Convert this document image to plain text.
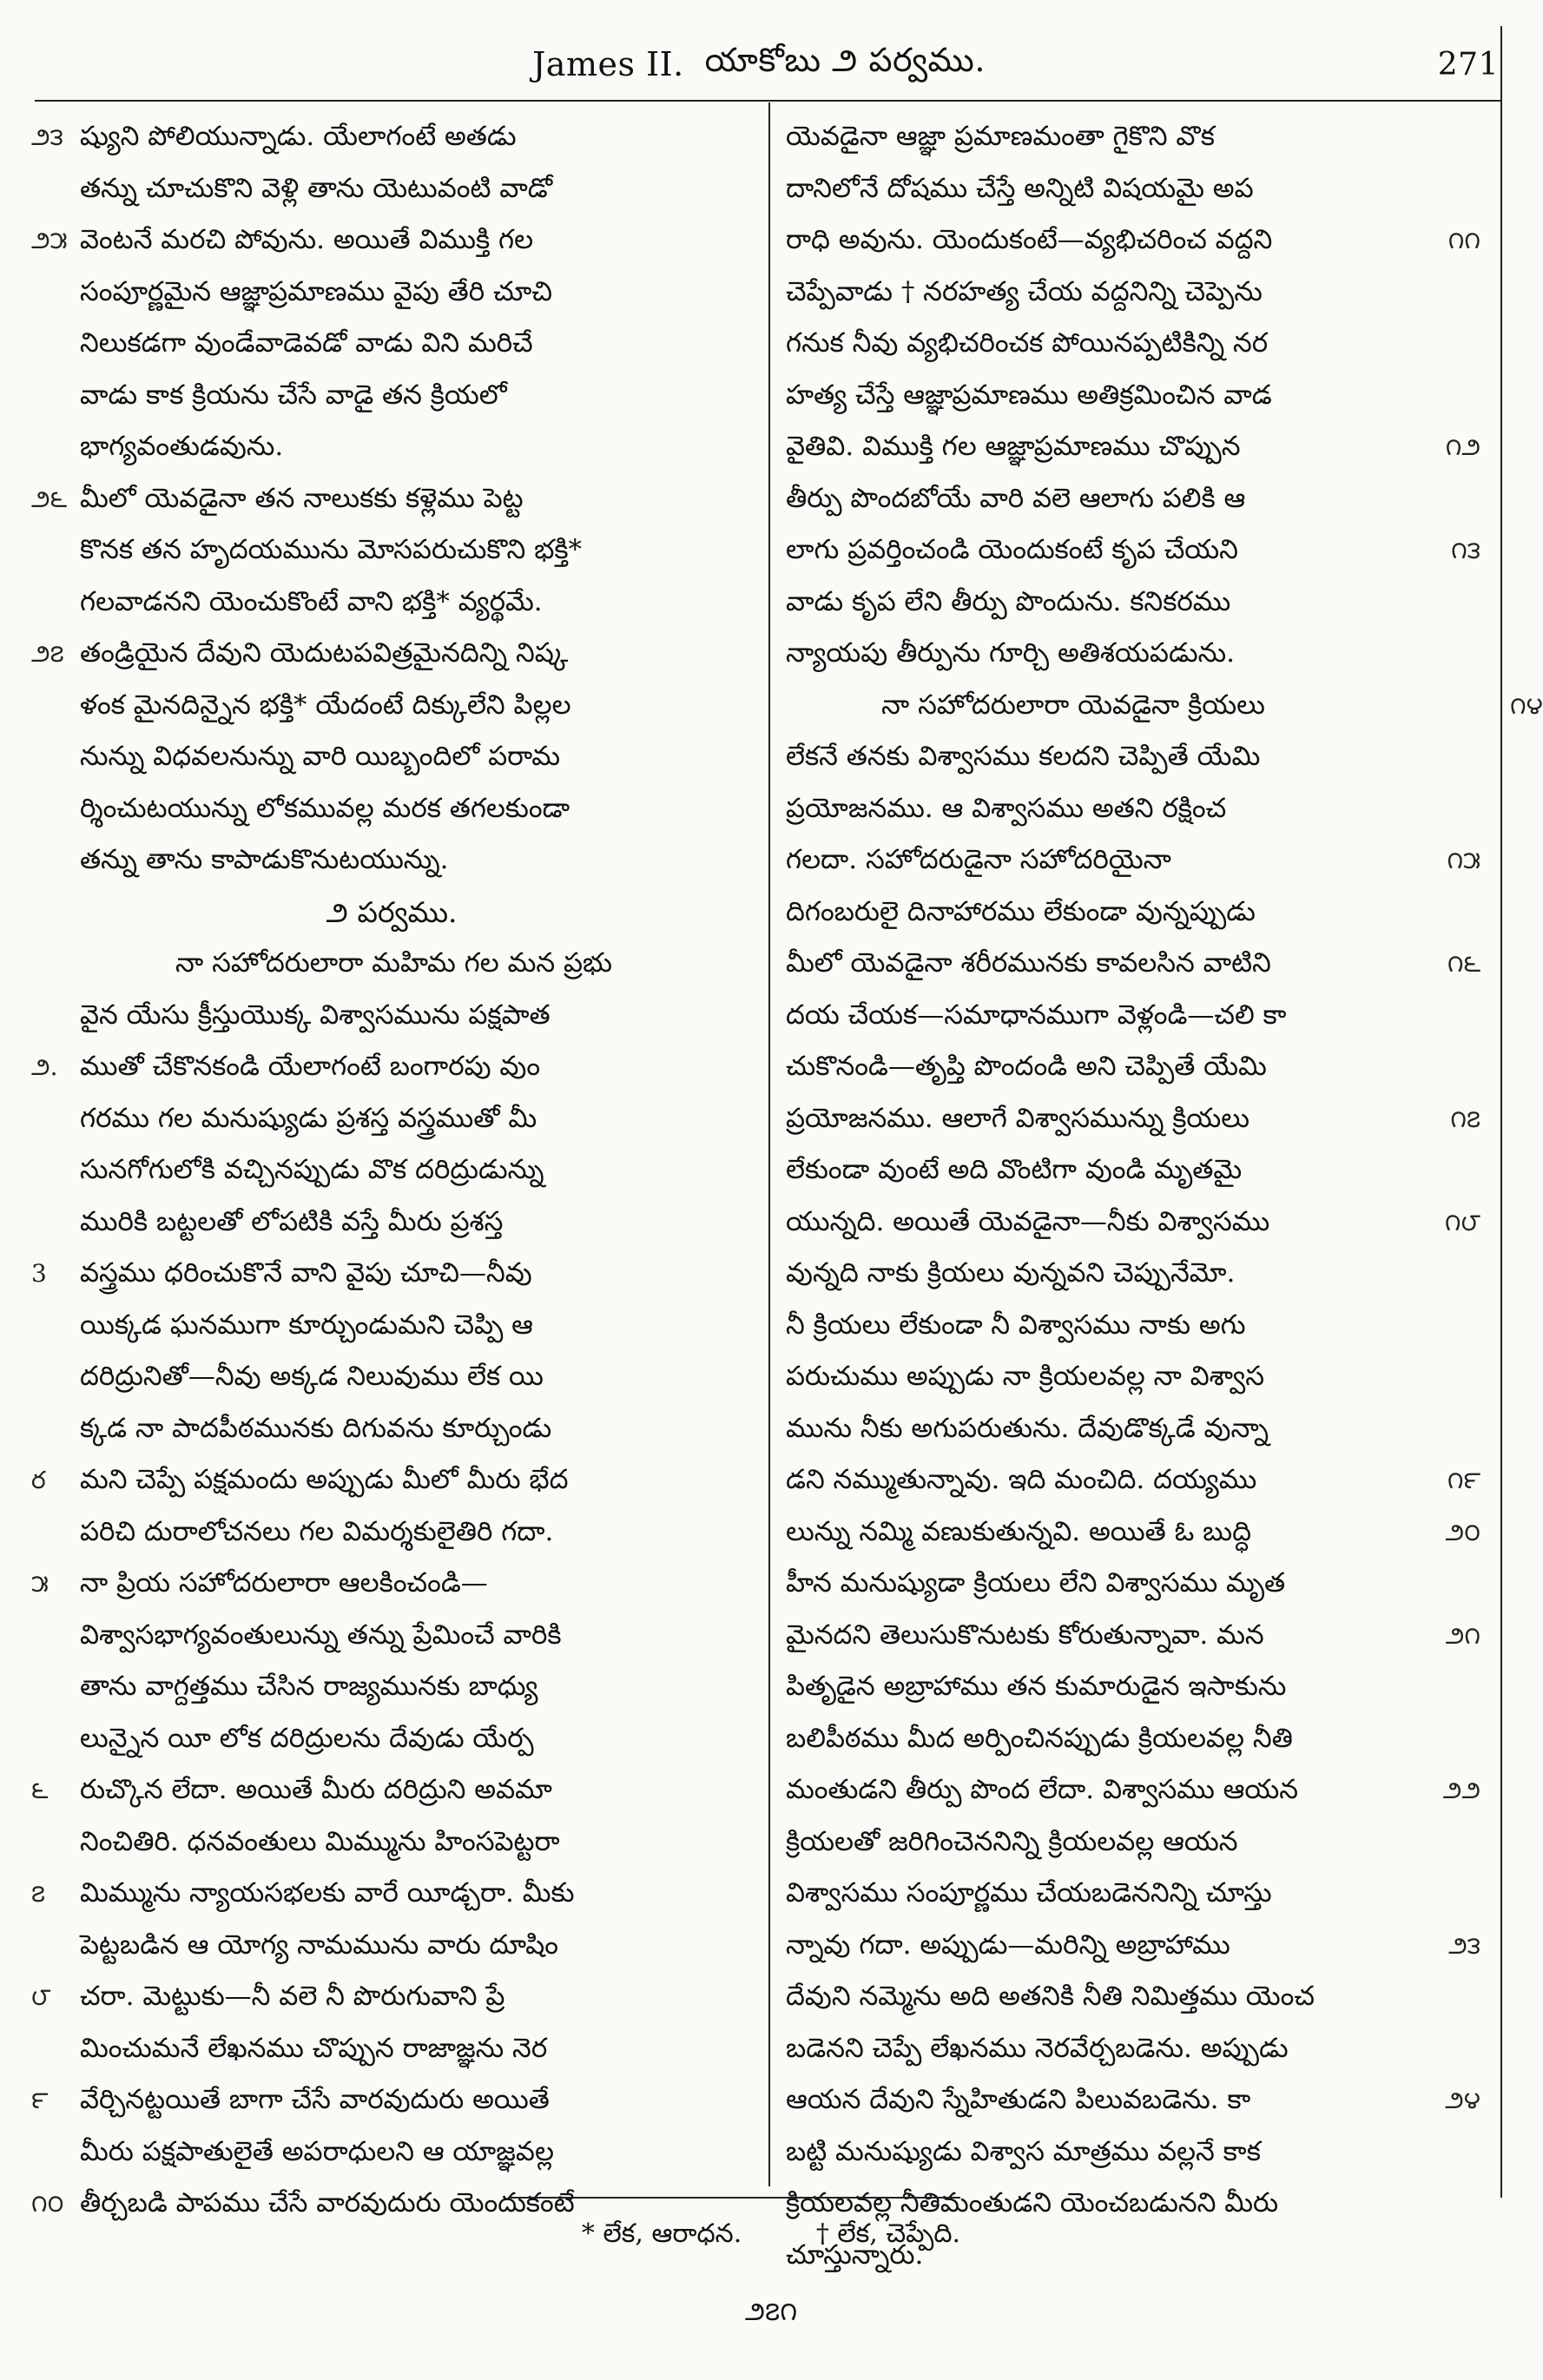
James II. యాకోబు ౨ పర్వము.	271
౨౩ ష్యుని పోలియున్నాడు. యేలాగంటే అతడు
తన్ను చూచుకొని వెళ్లి తాను యెటువంటి వాడో
౨౫ వెంటనే మరచి పోవును. అయితే విముక్తి గల
సంపూర్ణమైన ఆజ్ఞాప్రమాణము వైపు తేరి చూచి
నిలుకడగా వుండేవాడెవడో వాడు విని మరిచే
వాడు కాక క్రియను చేసే వాడై తన క్రియలో
భాగ్యవంతుడవును.
౨౬ మీలో యెవడైనా తన నాలుకకు కళ్లెము పెట్ట
కొనక తన హృదయమును మోసపరుచుకొని భక్తి*
గలవాడనని యెంచుకొంటే వాని భక్తి* వ్యర్థమే.
౨౭ తండ్రియైన దేవుని యెదుటపవిత్రమైనదిన్ని నిష్క
ళంక మైనదిన్నైన భక్తి* యేదంటే దిక్కులేని పిల్లల
నున్ను విధవలనున్ను వారి యిబ్బందిలో పరామ
ర్శించుటయున్ను లోకమువల్ల మరక తగలకుండా
తన్ను తాను కాపాడుకొనుటయున్ను.
౨ పర్వము.
నా సహోదరులారా మహిమ గల మన ప్రభు
వైన యేసు క్రీస్తుయొక్క విశ్వాసమును పక్షపాత
౨. ముతో చేకొనకండి యేలాగంటే బంగారపు వుం
గరము గల మనుష్యుడు ప్రశస్త వస్త్రముతో మీ
సునగోగులోకి వచ్చినప్పుడు వొక దరిద్రుడున్ను
మురికి బట్టలతో లోపటికి వస్తే మీరు ప్రశస్త
3	వస్త్రము ధరించుకొనే వాని వైపు చూచి—నీవు
యిక్కడ ఘనముగా కూర్చుండుమని చెప్పి ఆ
దరిద్రునితో—నీవు అక్కడ నిలువుము లేక యి
క్కడ నా పాదపీఠమునకు దిగువను కూర్చుండు
ర	మని చెప్పే పక్షమందు అప్పుడు మీలో మీరు భేద
పరిచి దురాలోచనలు గల విమర్శకులైతిరి గదా.
౫	నా ప్రియ సహోదరులారా ఆలకించండి—
విశ్వాసభాగ్యవంతులున్ను తన్ను ప్రేమించే వారికి
తాను వాగ్దత్తము చేసిన రాజ్యమునకు బాధ్యు
లున్నైన యీ లోక దరిద్రులను దేవుడు యేర్ప
౬	రుచ్కొన లేదా. అయితే మీరు దరిద్రుని అవమా
నించితిరి. ధనవంతులు మిమ్మును హింసపెట్టరా
౭	మిమ్మును న్యాయసభలకు వారే యీడ్చరా. మీకు
పెట్టబడిన ఆ యోగ్య నామమును వారు దూషిం
౮	చరా. మెట్టుకు—నీ వలె నీ పొరుగువాని ప్రే
మించుమనే లేఖనము చొప్పున రాజాజ్ఞను నెర
౯	వేర్చినట్టయితే బాగా చేసే వారవుదురు అయితే
మీరు పక్షపాతులైతే అపరాధులని ఆ యాజ్ఞవల్ల
౧౦ తీర్చబడి పాపము చేసే వారవుదురు యెందుకంటే
యెవడైనా ఆజ్ఞా ప్రమాణమంతా గైకొని వొక
దానిలోనే దోషము చేస్తే అన్నిటి విషయమై అప
౧౧
రాధి అవును. యెందుకంటే—వ్యభిచరించ వద్దని
చెప్పేవాడు † నరహత్య చేయ వద్దనిన్ని చెప్పెను
గనుక నీవు వ్యభిచరించక పోయినప్పటికిన్ని నర
హత్య చేస్తే ఆజ్ఞాప్రమాణము అతిక్రమించిన వాడ
౧౨
వైతివి. విముక్తి గల ఆజ్ఞాప్రమాణము చొప్పున
తీర్పు పొందబోయే వారి వలె ఆలాగు పలికి ఆ
౧౩
లాగు ప్రవర్తించండి యెందుకంటే కృప చేయని
వాడు కృప లేని తీర్పు పొందును. కనికరము
న్యాయపు తీర్పును గూర్చి అతిశయపడును.
౧౪
నా సహోదరులారా యెవడైనా క్రియలు
లేకనే తనకు విశ్వాసము కలదని చెప్పితే యేమి
ప్రయోజనము. ఆ విశ్వాసము అతని రక్షించ
౧౫
గలదా. సహోదరుడైనా సహోదరియైనా
దిగంబరులై దినాహారము లేకుండా వున్నప్పుడు
౧౬
మీలో యెవడైనా శరీరమునకు కావలసిన వాటిని
దయ చేయక—సమాధానముగా వెళ్లండి—చలి కా
చుకొనండి—తృప్తి పొందండి అని చెప్పితే యేమి
౧౭
ప్రయోజనము. ఆలాగే విశ్వాసమున్ను క్రియలు
లేకుండా వుంటే అది వొంటిగా వుండి మృతమై
౧౮
యున్నది. అయితే యెవడైనా—నీకు విశ్వాసము
వున్నది నాకు క్రియలు వున్నవని చెప్పునేమో.
నీ క్రియలు లేకుండా నీ విశ్వాసము నాకు అగు
పరుచుము అప్పుడు నా క్రియలవల్ల నా విశ్వాస
మును నీకు అగుపరుతును. దేవుడొక్కడే వున్నా
౧౯
డని నమ్ముతున్నావు. ఇది మంచిది. దయ్యము
౨౦
లున్ను నమ్మి వణుకుతున్నవి. అయితే ఓ బుద్ధి
హీన మనుష్యుడా క్రియలు లేని విశ్వాసము మృత
౨౧
మైనదని తెలుసుకొనుటకు కోరుతున్నావా. మన
పితృడైన అబ్రాహాము తన కుమారుడైన ఇసాకును
బలిపీఠము మీద అర్పించినప్పుడు క్రియలవల్ల నీతి
౨౨
మంతుడని తీర్పు పొంద లేదా. విశ్వాసము ఆయన
క్రియలతో జరిగించెననిన్ని క్రియలవల్ల ఆయన
విశ్వాసము సంపూర్ణము చేయబడెననిన్ని చూస్తు
౨౩
న్నావు గదా. అప్పుడు—మరిన్ని అబ్రాహాము
దేవుని నమ్మెను అది అతనికి నీతి నిమిత్తము యెంచ
బడెనని చెప్పే లేఖనము నెరవేర్చబడెను. అప్పుడు
౨౪
ఆయన దేవుని స్నేహితుడని పిలువబడెను. కా
బట్టి మనుష్యుడు విశ్వాస మాత్రము వల్లనే కాక
క్రియలవల్ల నీతిమంతుడని యెంచబడునని మీరు
చూస్తున్నారు.
* లేక, ఆరాధన.	† లేక, చెప్పేది.
౨౭౧
